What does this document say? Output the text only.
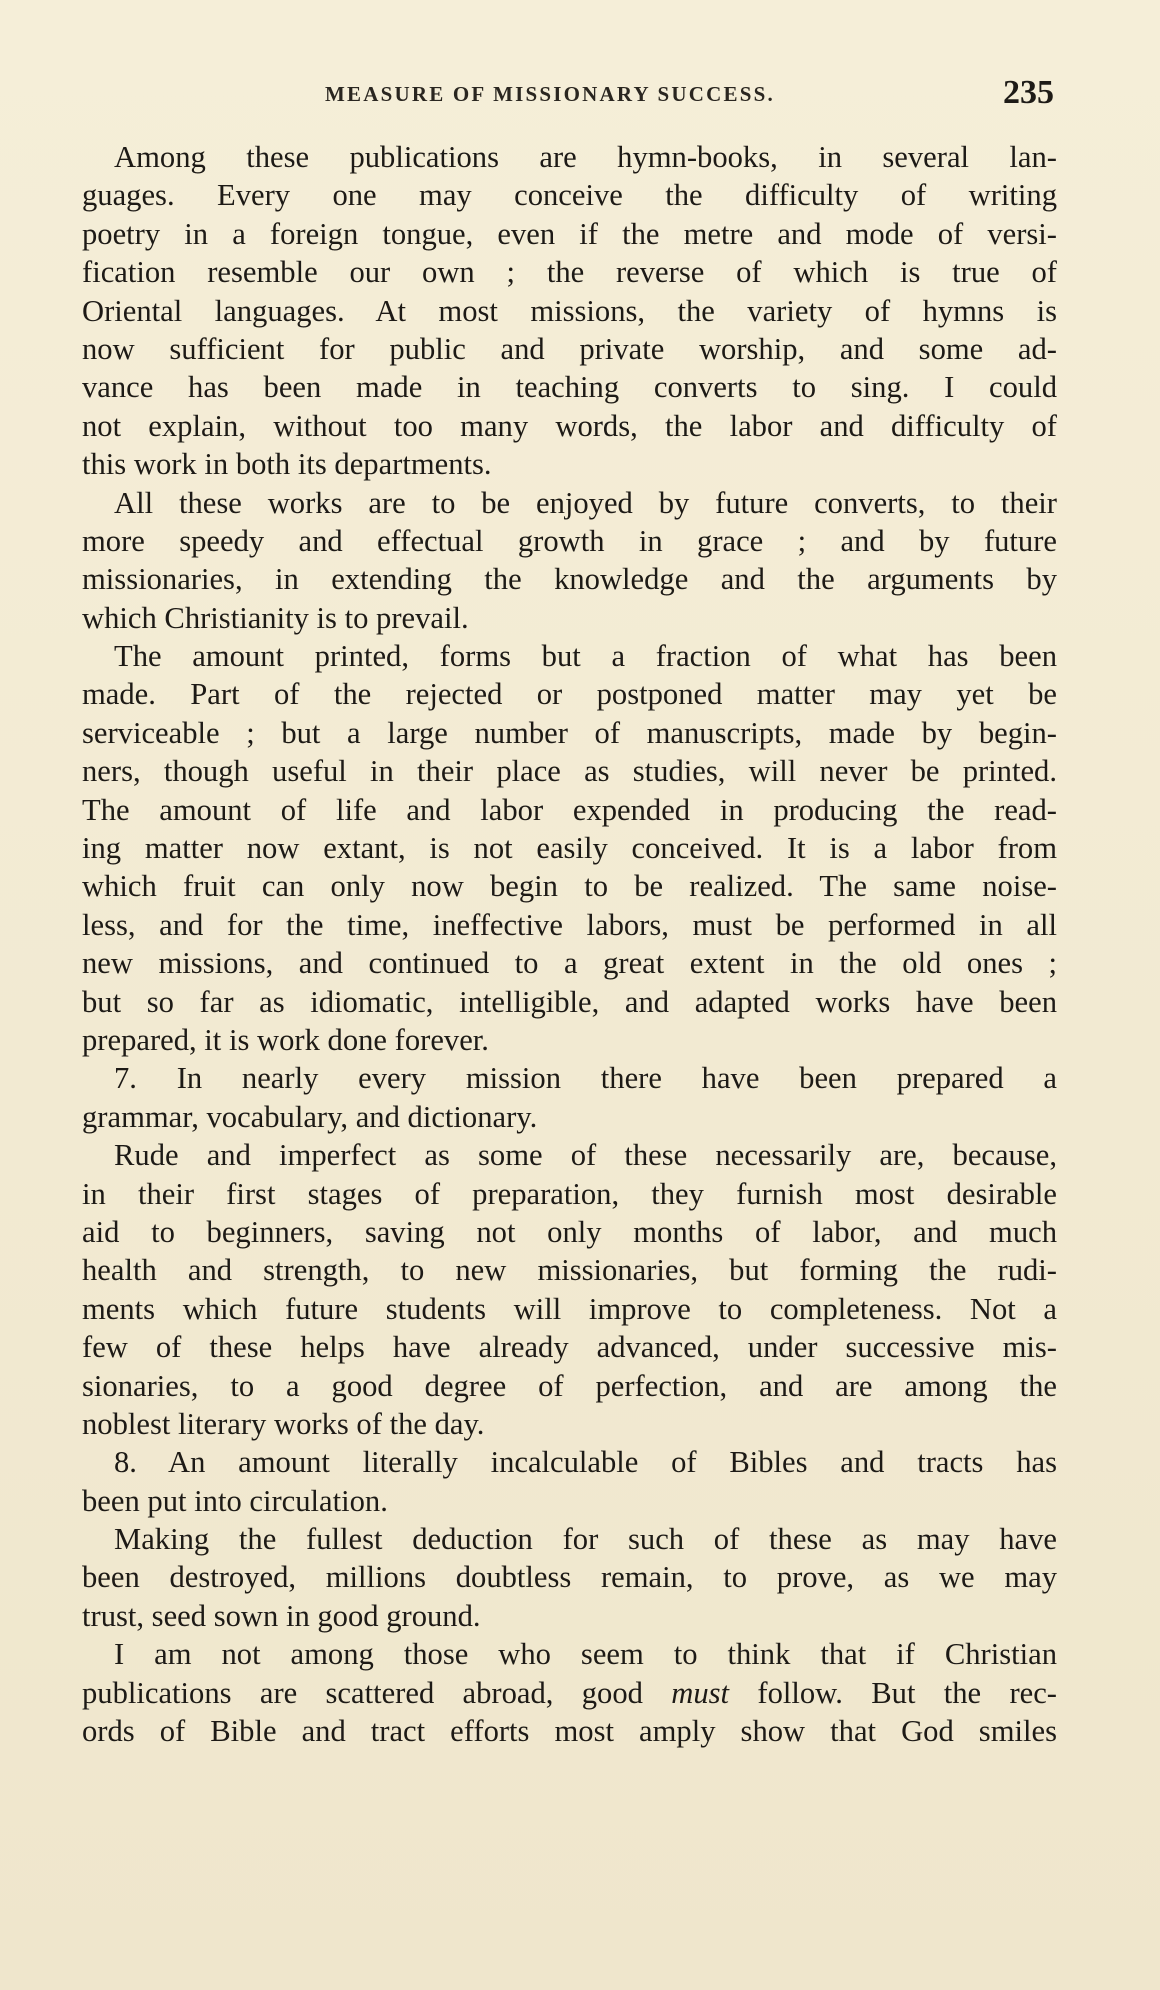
MEASURE OF MISSIONARY SUCCESS.	235
Among these publications are hymn-books, in several lan-
guages. Every one may conceive the difficulty of writing
poetry in a foreign tongue, even if the metre and mode of versi-
fication resemble our own ; the reverse of which is true of
Oriental languages. At most missions, the variety of hymns is
now sufficient for public and private worship, and some ad-
vance has been made in teaching converts to sing. I could
not explain, without too many words, the labor and difficulty of
this work in both its departments.
All these works are to be enjoyed by future converts, to their
more speedy and effectual growth in grace ; and by future
missionaries, in extending the knowledge and the arguments by
which Christianity is to prevail.
The amount printed, forms but a fraction of what has been
made. Part of the rejected or postponed matter may yet be
serviceable ; but a large number of manuscripts, made by begin-
ners, though useful in their place as studies, will never be printed.
The amount of life and labor expended in producing the read-
ing matter now extant, is not easily conceived. It is a labor from
which fruit can only now begin to be realized. The same noise-
less, and for the time, ineffective labors, must be performed in all
new missions, and continued to a great extent in the old ones ;
but so far as idiomatic, intelligible, and adapted works have been
prepared, it is work done forever.
7. In nearly every mission there have been prepared a
grammar, vocabulary, and dictionary.
Rude and imperfect as some of these necessarily are, because,
in their first stages of preparation, they furnish most desirable
aid to beginners, saving not only months of labor, and much
health and strength, to new missionaries, but forming the rudi-
ments which future students will improve to completeness. Not a
few of these helps have already advanced, under successive mis-
sionaries, to a good degree of perfection, and are among the
noblest literary works of the day.
8. An amount literally incalculable of Bibles and tracts has
been put into circulation.
Making the fullest deduction for such of these as may have
been destroyed, millions doubtless remain, to prove, as we may
trust, seed sown in good ground.
I am not among those who seem to think that if Christian
publications are scattered abroad, good must follow. But the rec-
ords of Bible and tract efforts most amply show that God smiles
